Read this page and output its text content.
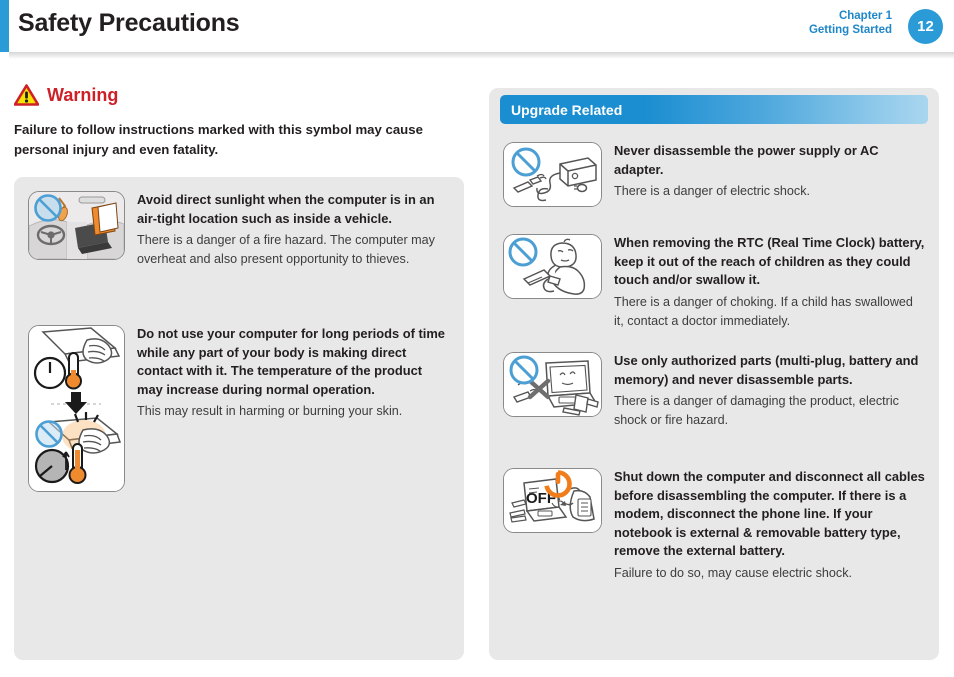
Safety Precautions	Chapter 1
Getting Started	12
Warning
Failure to follow instructions marked with this symbol may cause personal injury and even fatality.
Avoid direct sunlight when the computer is in an air-tight location such as inside a vehicle.
There is a danger of a fire hazard. The computer may overheat and also present opportunity to thieves.
Do not use your computer for long periods of time while any part of your body is making direct contact with it. The temperature of the product may increase during normal operation.
This may result in harming or burning your skin.
Upgrade Related
Never disassemble the power supply or AC adapter.
There is a danger of electric shock.
When removing the RTC (Real Time Clock) battery, keep it out of the reach of children as they could touch and/or swallow it.
There is a danger of choking. If a child has swallowed it, contact a doctor immediately.
Use only authorized parts (multi-plug, battery and memory) and never disassemble parts.
There is a danger of damaging the product, electric shock or fire hazard.
OFF
Shut down the computer and disconnect all cables before disassembling the computer. If there is a modem, disconnect the phone line. If your notebook is external & removable battery type, remove the external battery.
Failure to do so, may cause electric shock.
